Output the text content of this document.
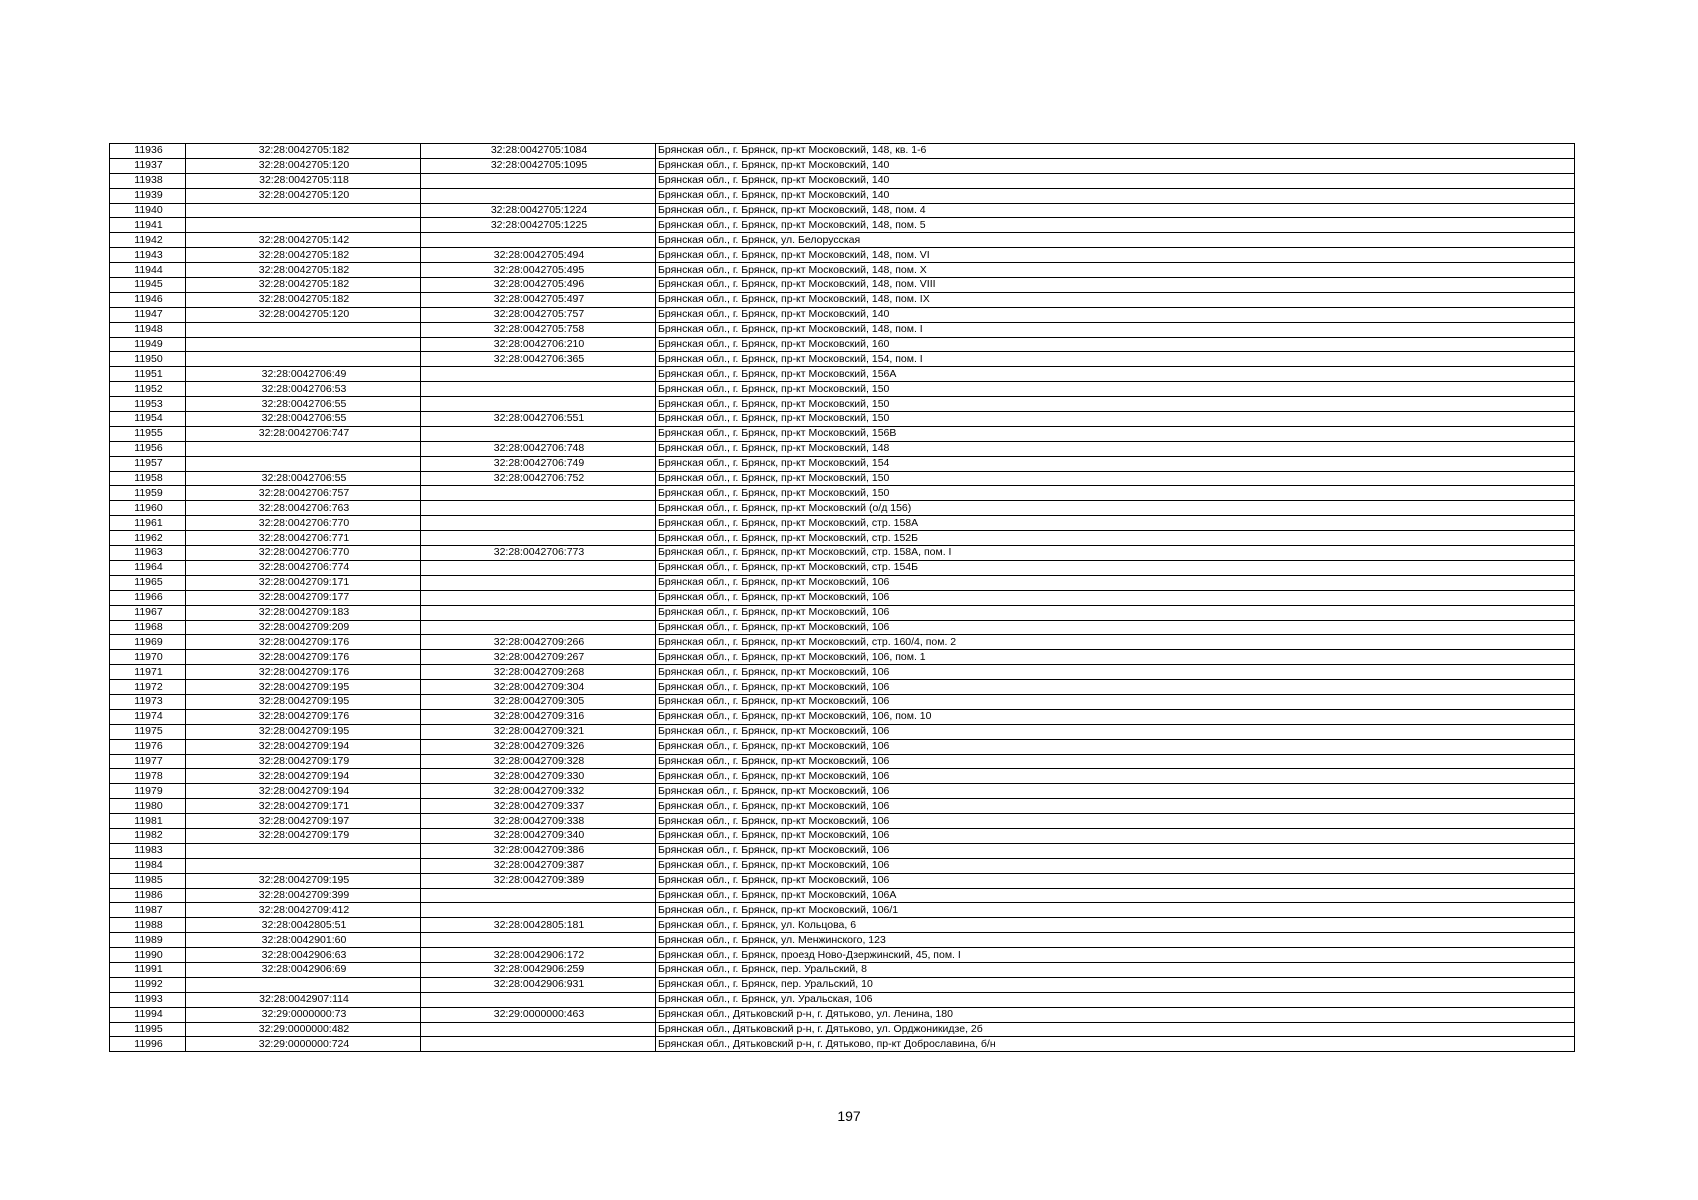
11936	32:28:0042705:182	32:28:0042705:1084	Брянская обл., г. Брянск, пр-кт Московский, 148, кв. 1-6
11937	32:28:0042705:120	32:28:0042705:1095	Брянская обл., г. Брянск, пр-кт Московский, 140
11938	32:28:0042705:118		Брянская обл., г. Брянск, пр-кт Московский, 140
11939	32:28:0042705:120		Брянская обл., г. Брянск, пр-кт Московский, 140
11940		32:28:0042705:1224	Брянская обл., г. Брянск, пр-кт Московский, 148, пом. 4
11941		32:28:0042705:1225	Брянская обл., г. Брянск, пр-кт Московский, 148, пом. 5
11942	32:28:0042705:142		Брянская обл., г. Брянск, ул. Белорусская
11943	32:28:0042705:182	32:28:0042705:494	Брянская обл., г. Брянск, пр-кт Московский, 148, пом. VI
11944	32:28:0042705:182	32:28:0042705:495	Брянская обл., г. Брянск, пр-кт Московский, 148, пом. X
11945	32:28:0042705:182	32:28:0042705:496	Брянская обл., г. Брянск, пр-кт Московский, 148, пом. VIII
11946	32:28:0042705:182	32:28:0042705:497	Брянская обл., г. Брянск, пр-кт Московский, 148, пом. IX
11947	32:28:0042705:120	32:28:0042705:757	Брянская обл., г. Брянск, пр-кт Московский, 140
11948		32:28:0042705:758	Брянская обл., г. Брянск, пр-кт Московский, 148, пом. I
11949		32:28:0042706:210	Брянская обл., г. Брянск, пр-кт Московский, 160
11950		32:28:0042706:365	Брянская обл., г. Брянск, пр-кт Московский, 154, пом. I
11951	32:28:0042706:49		Брянская обл., г. Брянск, пр-кт Московский, 156А
11952	32:28:0042706:53		Брянская обл., г. Брянск, пр-кт Московский, 150
11953	32:28:0042706:55		Брянская обл., г. Брянск, пр-кт Московский, 150
11954	32:28:0042706:55	32:28:0042706:551	Брянская обл., г. Брянск, пр-кт Московский, 150
11955	32:28:0042706:747		Брянская обл., г. Брянск, пр-кт Московский, 156В
11956		32:28:0042706:748	Брянская обл., г. Брянск, пр-кт Московский, 148
11957		32:28:0042706:749	Брянская обл., г. Брянск, пр-кт Московский, 154
11958	32:28:0042706:55	32:28:0042706:752	Брянская обл., г. Брянск, пр-кт Московский, 150
11959	32:28:0042706:757		Брянская обл., г. Брянск, пр-кт Московский, 150
11960	32:28:0042706:763		Брянская обл., г. Брянск, пр-кт Московский (о/д 156)
11961	32:28:0042706:770		Брянская обл., г. Брянск, пр-кт Московский, стр. 158А
11962	32:28:0042706:771		Брянская обл., г. Брянск, пр-кт Московский, стр. 152Б
11963	32:28:0042706:770	32:28:0042706:773	Брянская обл., г. Брянск, пр-кт Московский, стр. 158А, пом. I
11964	32:28:0042706:774		Брянская обл., г. Брянск, пр-кт Московский, стр. 154Б
11965	32:28:0042709:171		Брянская обл., г. Брянск, пр-кт Московский, 106
11966	32:28:0042709:177		Брянская обл., г. Брянск, пр-кт Московский, 106
11967	32:28:0042709:183		Брянская обл., г. Брянск, пр-кт Московский, 106
11968	32:28:0042709:209		Брянская обл., г. Брянск, пр-кт Московский, 106
11969	32:28:0042709:176	32:28:0042709:266	Брянская обл., г. Брянск, пр-кт Московский, стр. 160/4, пом. 2
11970	32:28:0042709:176	32:28:0042709:267	Брянская обл., г. Брянск, пр-кт Московский, 106, пом. 1
11971	32:28:0042709:176	32:28:0042709:268	Брянская обл., г. Брянск, пр-кт Московский, 106
11972	32:28:0042709:195	32:28:0042709:304	Брянская обл., г. Брянск, пр-кт Московский, 106
11973	32:28:0042709:195	32:28:0042709:305	Брянская обл., г. Брянск, пр-кт Московский, 106
11974	32:28:0042709:176	32:28:0042709:316	Брянская обл., г. Брянск, пр-кт Московский, 106, пом. 10
11975	32:28:0042709:195	32:28:0042709:321	Брянская обл., г. Брянск, пр-кт Московский, 106
11976	32:28:0042709:194	32:28:0042709:326	Брянская обл., г. Брянск, пр-кт Московский, 106
11977	32:28:0042709:179	32:28:0042709:328	Брянская обл., г. Брянск, пр-кт Московский, 106
11978	32:28:0042709:194	32:28:0042709:330	Брянская обл., г. Брянск, пр-кт Московский, 106
11979	32:28:0042709:194	32:28:0042709:332	Брянская обл., г. Брянск, пр-кт Московский, 106
11980	32:28:0042709:171	32:28:0042709:337	Брянская обл., г. Брянск, пр-кт Московский, 106
11981	32:28:0042709:197	32:28:0042709:338	Брянская обл., г. Брянск, пр-кт Московский, 106
11982	32:28:0042709:179	32:28:0042709:340	Брянская обл., г. Брянск, пр-кт Московский, 106
11983		32:28:0042709:386	Брянская обл., г. Брянск, пр-кт Московский, 106
11984		32:28:0042709:387	Брянская обл., г. Брянск, пр-кт Московский, 106
11985	32:28:0042709:195	32:28:0042709:389	Брянская обл., г. Брянск, пр-кт Московский, 106
11986	32:28:0042709:399		Брянская обл., г. Брянск, пр-кт Московский, 106А
11987	32:28:0042709:412		Брянская обл., г. Брянск, пр-кт Московский, 106/1
11988	32:28:0042805:51	32:28:0042805:181	Брянская обл., г. Брянск, ул. Кольцова, 6
11989	32:28:0042901:60		Брянская обл., г. Брянск, ул. Менжинского, 123
11990	32:28:0042906:63	32:28:0042906:172	Брянская обл., г. Брянск, проезд Ново-Дзержинский, 45, пом. I
11991	32:28:0042906:69	32:28:0042906:259	Брянская обл., г. Брянск, пер. Уральский, 8
11992		32:28:0042906:931	Брянская обл., г. Брянск, пер. Уральский, 10
11993	32:28:0042907:114		Брянская обл., г. Брянск, ул. Уральская, 106
11994	32:29:0000000:73	32:29:0000000:463	Брянская обл., Дятьковский р-н, г. Дятьково, ул. Ленина, 180
11995	32:29:0000000:482		Брянская обл., Дятьковский р-н, г. Дятьково, ул. Орджоникидзе, 2б
11996	32:29:0000000:724		Брянская обл., Дятьковский р-н, г. Дятьково, пр-кт Доброславина, б/н
197
